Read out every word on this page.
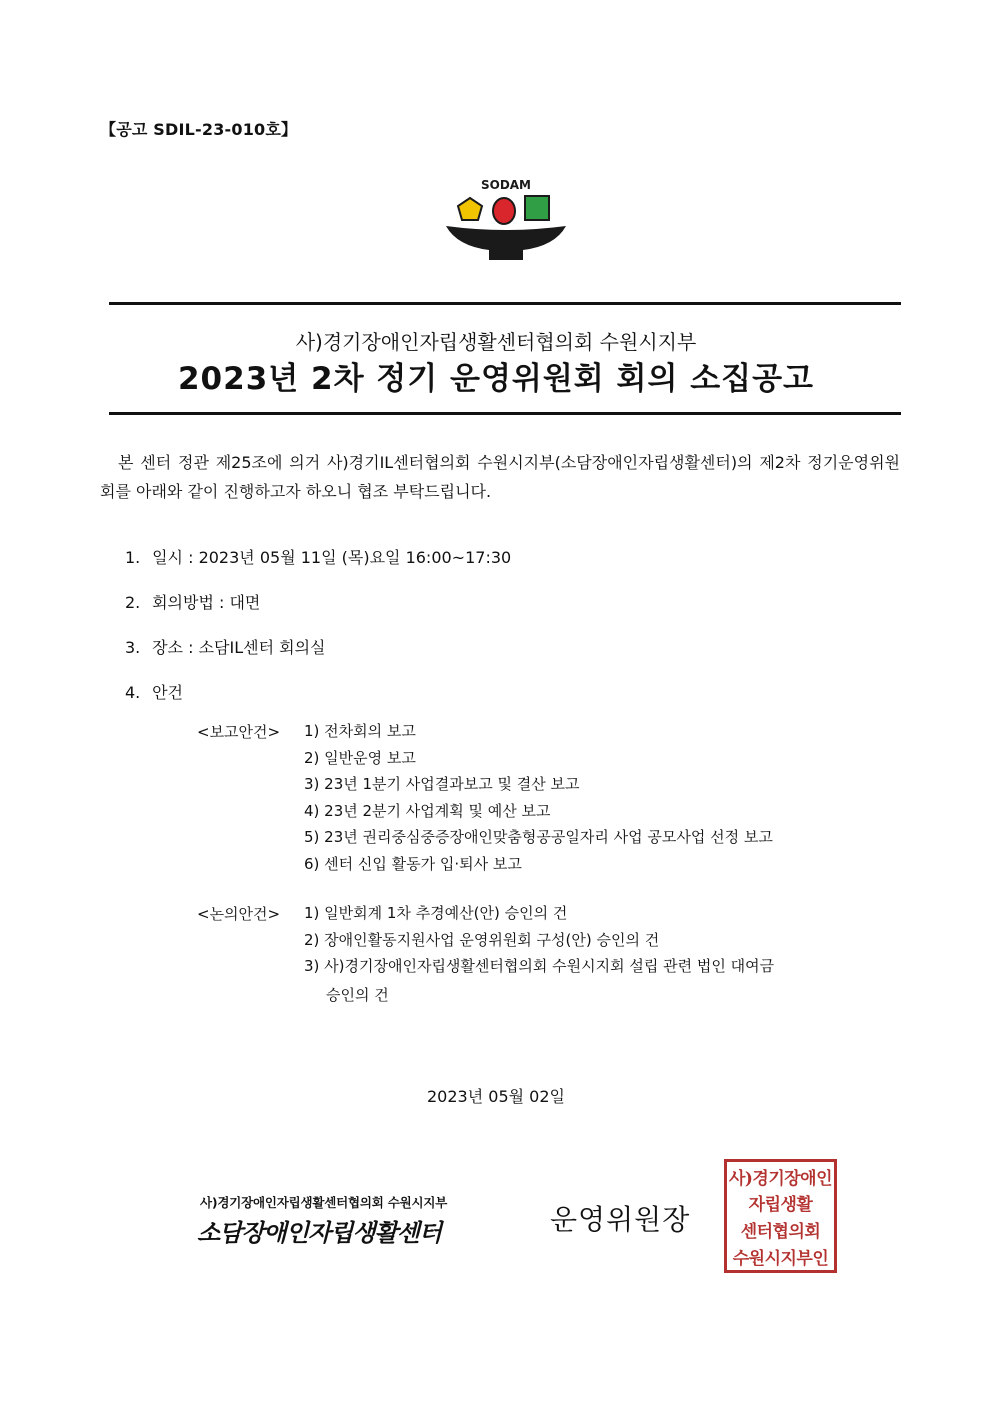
【공고 SDIL-23-010호】
SODAM
사)경기장애인자립생활센터협의회 수원시지부
2023년 2차 정기 운영위원회 회의 소집공고
본 센터 정관 제25조에 의거 사)경기IL센터협의회 수원시지부(소담장애인자립생활센터)의 제2차 정기운영위원회를 아래와 같이 진행하고자 하오니 협조 부탁드립니다.
1. 일시 : 2023년 05월 11일 (목)요일 16:00~17:30
2. 회의방법 : 대면
3. 장소 : 소담IL센터 회의실
4. 안건
<보고안건> 1) 전차회의 보고
2) 일반운영 보고
3) 23년 1분기 사업결과보고 및 결산 보고
4) 23년 2분기 사업계획 및 예산 보고
5) 23년 권리중심중증장애인맞춤형공공일자리 사업 공모사업 선정 보고
6) 센터 신입 활동가 입·퇴사 보고
<논의안건> 1) 일반회계 1차 추경예산(안) 승인의 건
2) 장애인활동지원사업 운영위원회 구성(안) 승인의 건
3) 사)경기장애인자립생활센터협의회 수원시지회 설립 관련 법인 대여금
승인의 건
2023년 05월 02일
사)경기장애인자립생활센터협의회 수원시지부
소담장애인자립생활센터	운영위원장
사)경기장애인
자립생활
센터협의회
수원시지부인
